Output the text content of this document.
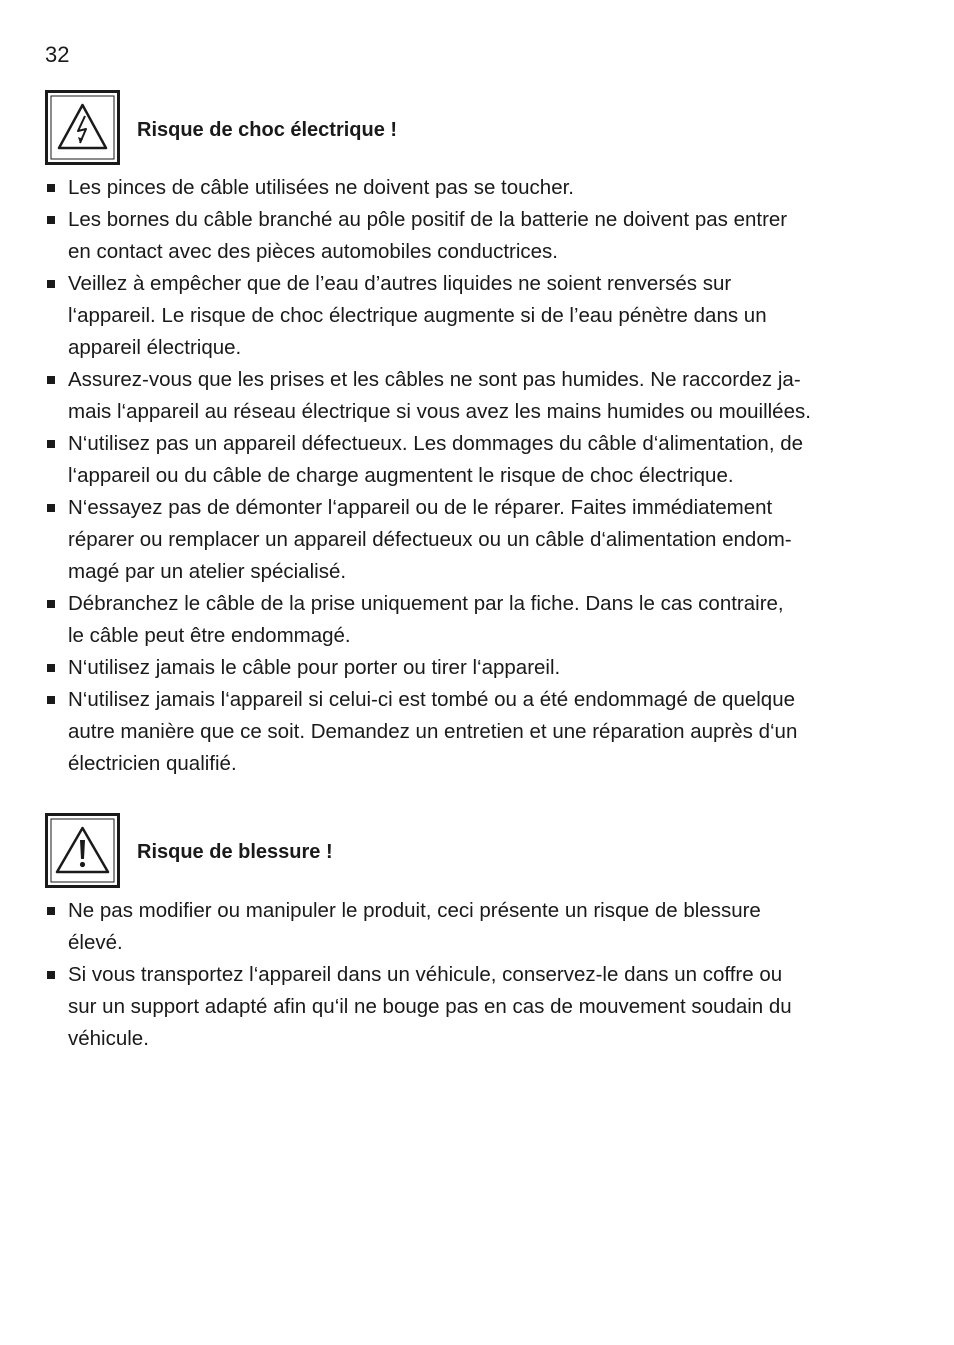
32
Risque de choc électrique !
Les pinces de câble utilisées ne doivent pas se toucher.
Les bornes du câble branché au pôle positif de la batterie ne doivent pas entrer
en contact avec des pièces automobiles conductrices.
Veillez à empêcher que de l’eau d’autres liquides ne soient renversés sur
l‘appareil. Le risque de choc électrique augmente si de l’eau pénètre dans un
appareil électrique.
Assurez-vous que les prises et les câbles ne sont pas humides. Ne raccordez ja-
mais l‘appareil au réseau électrique si vous avez les mains humides ou mouillées.
N‘utilisez pas un appareil défectueux. Les dommages du câble d‘alimentation, de
l‘appareil ou du câble de charge augmentent le risque de choc électrique.
N‘essayez pas de démonter l‘appareil ou de le réparer. Faites immédiatement
réparer ou remplacer un appareil défectueux ou un câble d‘alimentation endom-
magé par un atelier spécialisé.
Débranchez le câble de la prise uniquement par la fiche. Dans le cas contraire,
le câble peut être endommagé.
N‘utilisez jamais le câble pour porter ou tirer l‘appareil.
N‘utilisez jamais l‘appareil si celui-ci est tombé ou a été endommagé de quelque
autre manière que ce soit. Demandez un entretien et une réparation auprès d‘un
électricien qualifié.
Risque de blessure !
Ne pas modifier ou manipuler le produit, ceci présente un risque de blessure
élevé.
Si vous transportez l‘appareil dans un véhicule, conservez-le dans un coffre ou
sur un support adapté afin qu‘il ne bouge pas en cas de mouvement soudain du
véhicule.
